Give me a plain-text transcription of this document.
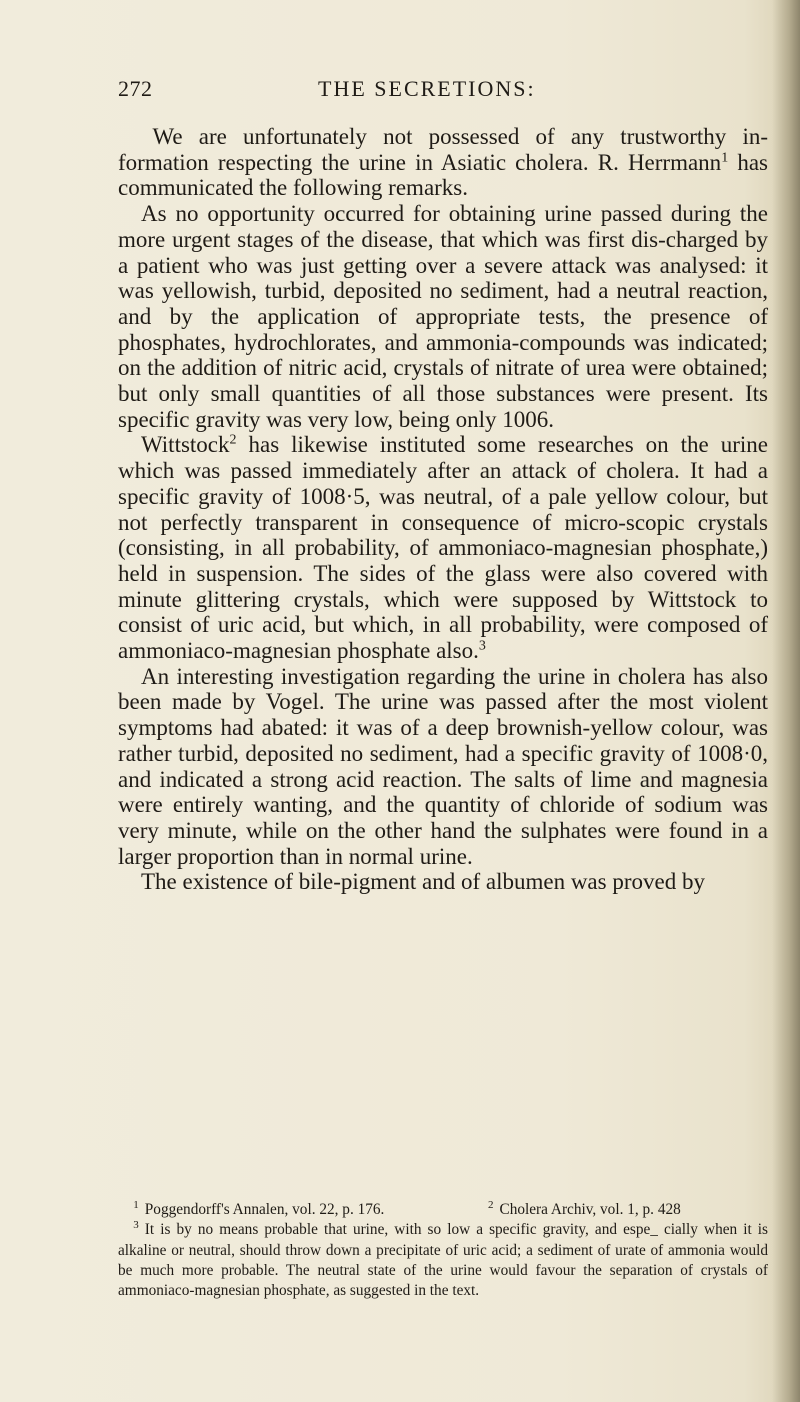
272	THE SECRETIONS:

We are unfortunately not possessed of any trustworthy in-formation respecting the urine in Asiatic cholera. R. Herrmann$^1$ has communicated the following remarks.

As no opportunity occurred for obtaining urine passed during the more urgent stages of the disease, that which was first dis-charged by a patient who was just getting over a severe attack was analysed: it was yellowish, turbid, deposited no sediment, had a neutral reaction, and by the application of appropriate tests, the presence of phosphates, hydrochlorates, and ammonia-compounds was indicated; on the addition of nitric acid, crystals of nitrate of urea were obtained; but only small quantities of all those substances were present. Its specific gravity was very low, being only 1006.

Wittstock$^2$ has likewise instituted some researches on the urine which was passed immediately after an attack of cholera. It had a specific gravity of 1008·5, was neutral, of a pale yellow colour, but not perfectly transparent in consequence of micro-scopic crystals (consisting, in all probability, of ammoniaco-magnesian phosphate,) held in suspension. The sides of the glass were also covered with minute glittering crystals, which were supposed by Wittstock to consist of uric acid, but which, in all probability, were composed of ammoniaco-magnesian phosphate also.$^3$

An interesting investigation regarding the urine in cholera has also been made by Vogel. The urine was passed after the most violent symptoms had abated: it was of a deep brownish-yellow colour, was rather turbid, deposited no sediment, had a specific gravity of 1008·0, and indicated a strong acid reaction. The salts of lime and magnesia were entirely wanting, and the quantity of chloride of sodium was very minute, while on the other hand the sulphates were found in a larger proportion than in normal urine.

The existence of bile-pigment and of albumen was proved by

$^1$ Poggendorff's Annalen, vol. 22, p. 176.	$^2$ Cholera Archiv, vol. 1, p. 428

$^3$ It is by no means probable that urine, with so low a specific gravity, and espe_ cially when it is alkaline or neutral, should throw down a precipitate of uric acid; a sediment of urate of ammonia would be much more probable. The neutral state of the urine would favour the separation of crystals of ammoniaco-magnesian phosphate, as suggested in the text.
